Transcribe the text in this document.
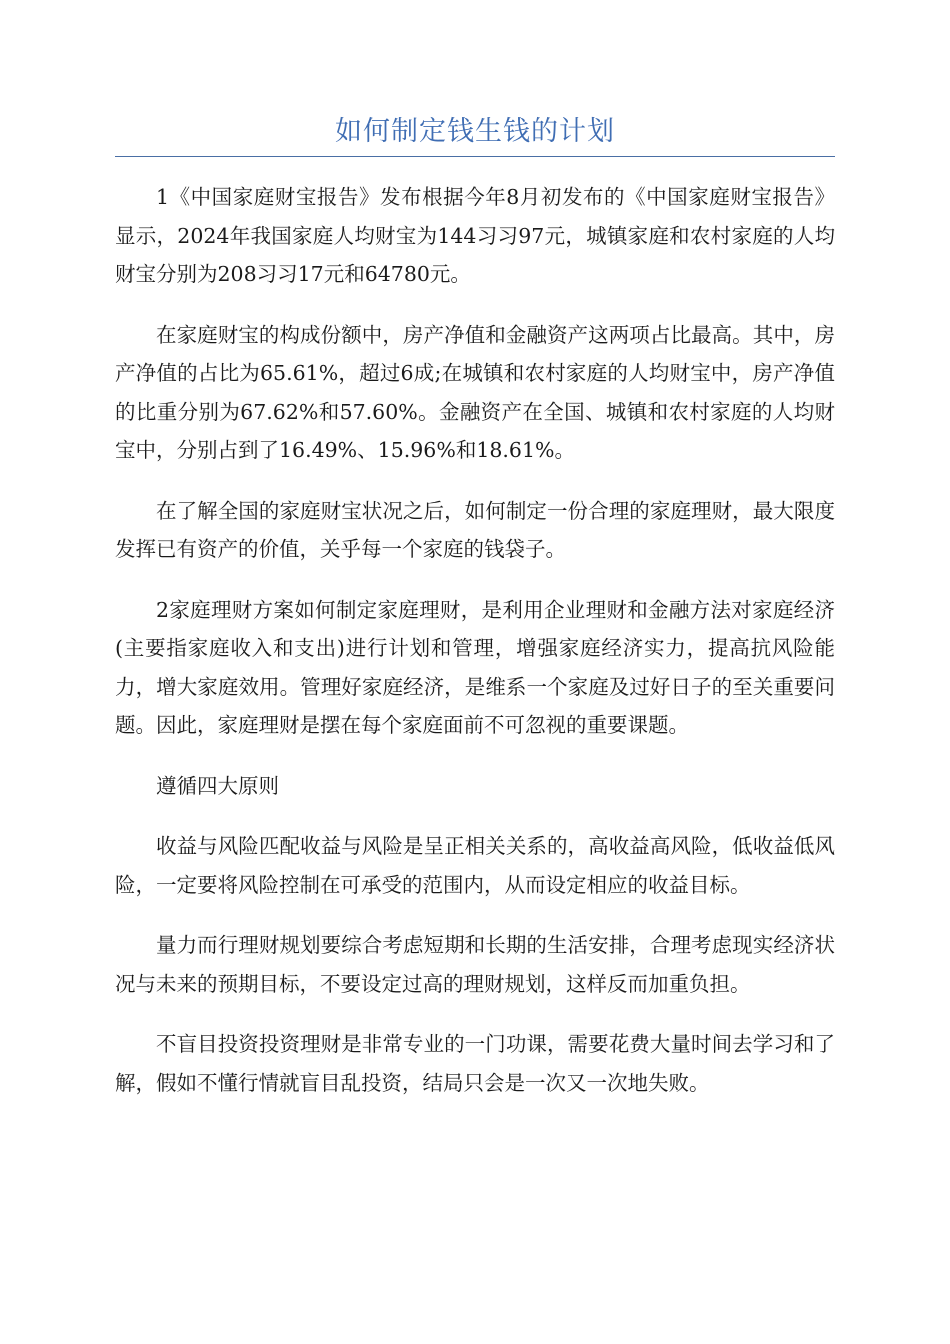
如何制定钱生钱的计划

1《中国家庭财宝报告》发布根据今年8月初发布的《中国家庭财宝报告》显示，2024年我国家庭人均财宝为144习习97元，城镇家庭和农村家庭的人均财宝分别为208习习17元和64780元。

在家庭财宝的构成份额中，房产净值和金融资产这两项占比最高。其中，房产净值的占比为65.61%，超过6成;在城镇和农村家庭的人均财宝中，房产净值的比重分别为67.62%和57.60%。金融资产在全国、城镇和农村家庭的人均财宝中，分别占到了16.49%、15.96%和18.61%。

在了解全国的家庭财宝状况之后，如何制定一份合理的家庭理财，最大限度发挥已有资产的价值，关乎每一个家庭的钱袋子。

2家庭理财方案如何制定家庭理财，是利用企业理财和金融方法对家庭经济(主要指家庭收入和支出)进行计划和管理，增强家庭经济实力，提高抗风险能力，增大家庭效用。管理好家庭经济，是维系一个家庭及过好日子的至关重要问题。因此，家庭理财是摆在每个家庭面前不可忽视的重要课题。

遵循四大原则

收益与风险匹配收益与风险是呈正相关关系的，高收益高风险，低收益低风险，一定要将风险控制在可承受的范围内，从而设定相应的收益目标。

量力而行理财规划要综合考虑短期和长期的生活安排，合理考虑现实经济状况与未来的预期目标，不要设定过高的理财规划，这样反而加重负担。

不盲目投资投资理财是非常专业的一门功课，需要花费大量时间去学习和了解，假如不懂行情就盲目乱投资，结局只会是一次又一次地失败。
